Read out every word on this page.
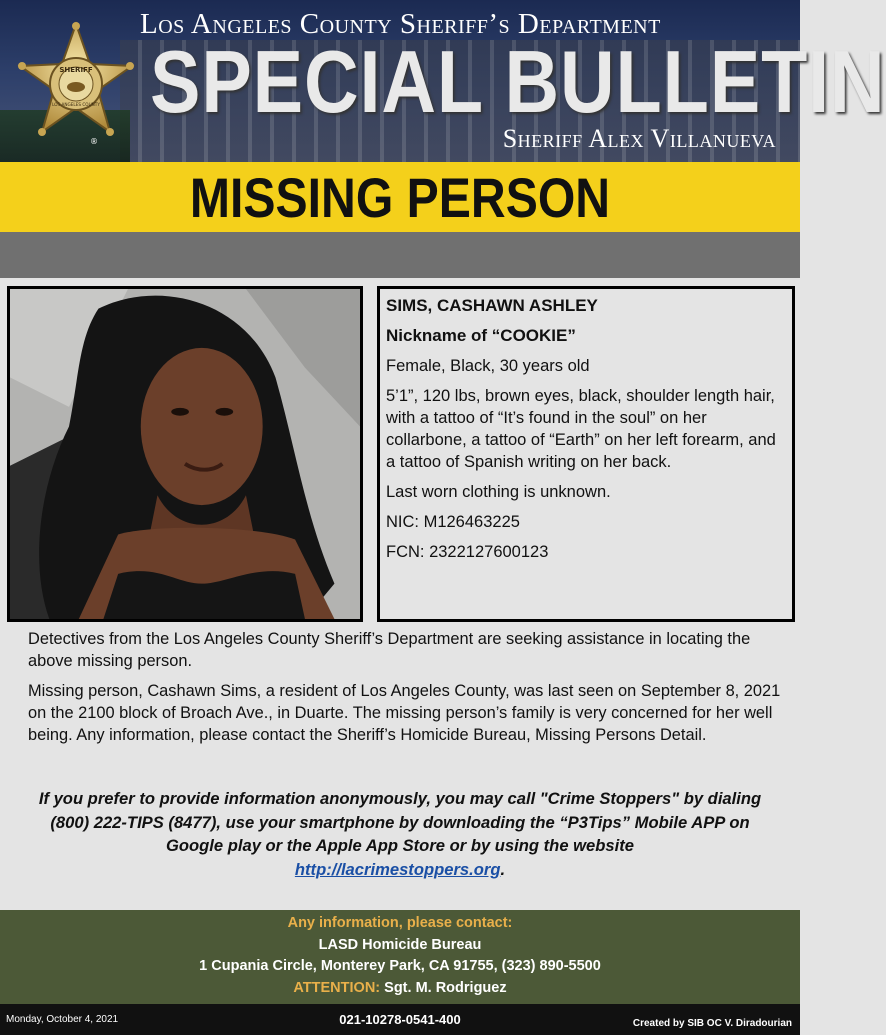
SHERIFF
LOS ANGELES COUNTY
®
Los Angeles County Sheriff’s Department
SPECIAL BULLETIN
Sheriff Alex Villanueva
MISSING PERSON

SIMS, CASHAWN ASHLEY

Nickname of “COOKIE”

Female, Black, 30 years old

5’1”, 120 lbs, brown eyes, black, shoulder length hair, with a tattoo of “It’s found in the soul” on her collarbone, a tattoo of “Earth” on her left forearm, and a tattoo of Spanish writing on her back.

Last worn clothing is unknown.

NIC: M126463225

FCN: 2322127600123

Detectives from the Los Angeles County Sheriff’s Department are seeking assistance in locating the above missing person.

Missing person, Cashawn Sims, a resident of Los Angeles County, was last seen on September 8, 2021 on the 2100 block of Broach Ave., in Duarte. The missing person’s family is very concerned for her well being. Any information, please contact the Sheriff’s Homicide Bureau, Missing Persons Detail.

If you prefer to provide information anonymously, you may call "Crime Stoppers" by dialing (800) 222-TIPS (8477), use your smartphone by downloading the “P3Tips” Mobile APP on Google play or the Apple App Store or by using the website
http://lacrimestoppers.org.
Any information, please contact:
LASD Homicide Bureau
1 Cupania Circle, Monterey Park, CA 91755, (323) 890-5500
ATTENTION: Sgt. M. Rodriguez
Monday, October 4, 2021	021-10278-0541-400	Created by SIB OC V. Diradourian
